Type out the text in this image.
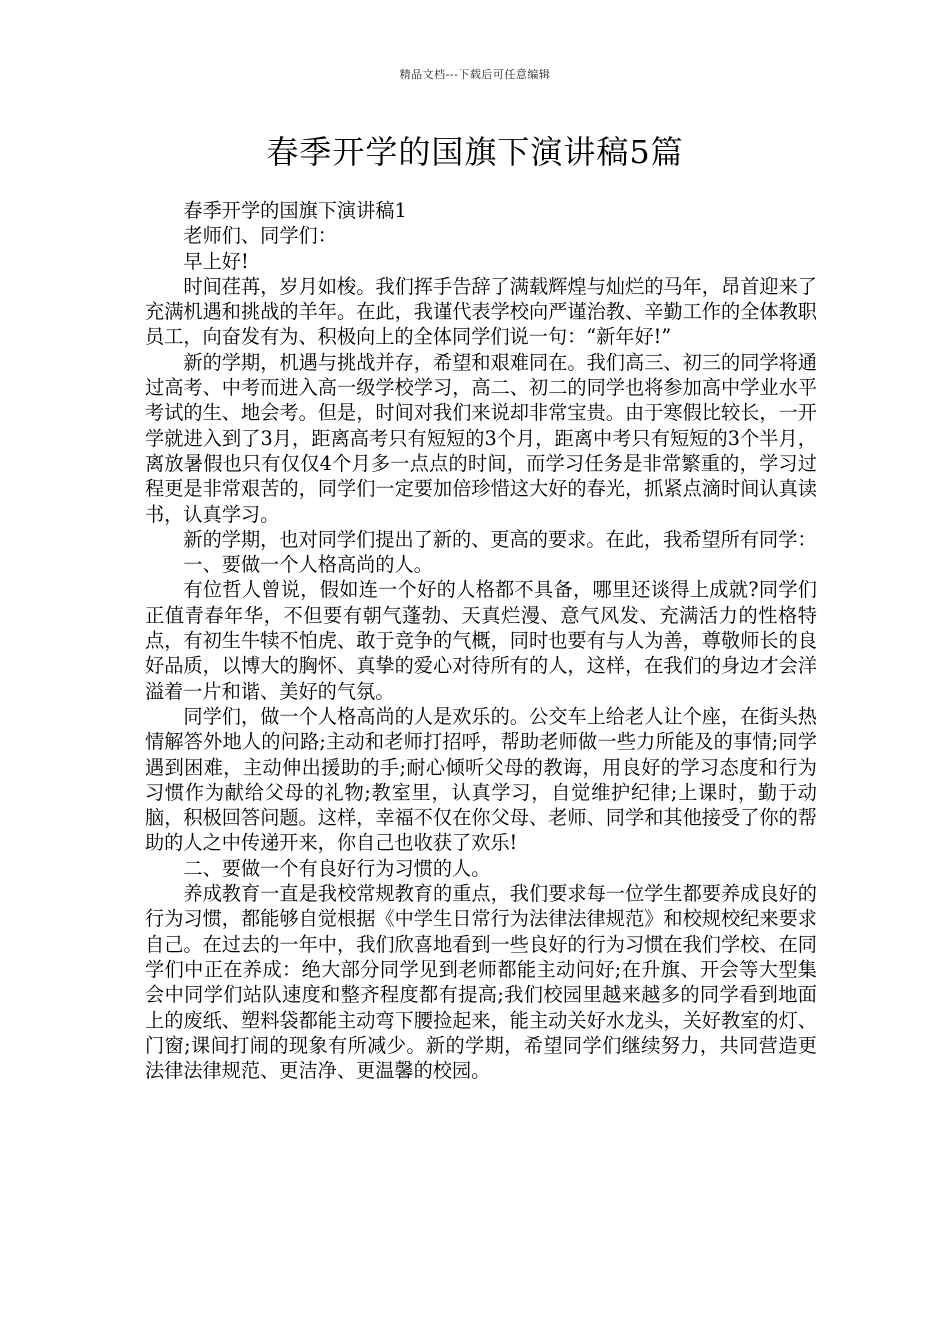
精品文档---下载后可任意编辑
春季开学的国旗下演讲稿5篇

春季开学的国旗下演讲稿1

老师们、同学们：

早上好!

时间荏苒，岁月如梭。我们挥手告辞了满载辉煌与灿烂的马年，昂首迎来了充满机遇和挑战的羊年。在此，我谨代表学校向严谨治教、辛勤工作的全体教职员工，向奋发有为、积极向上的全体同学们说一句：“新年好!”

新的学期，机遇与挑战并存，希望和艰难同在。我们高三、初三的同学将通过高考、中考而进入高一级学校学习，高二、初二的同学也将参加高中学业水平考试的生、地会考。但是，时间对我们来说却非常宝贵。由于寒假比较长，一开学就进入到了3月，距离高考只有短短的3个月，距离中考只有短短的3个半月，离放暑假也只有仅仅4个月多一点点的时间，而学习任务是非常繁重的，学习过程更是非常艰苦的，同学们一定要加倍珍惜这大好的春光，抓紧点滴时间认真读书，认真学习。

新的学期，也对同学们提出了新的、更高的要求。在此，我希望所有同学：

一、要做一个人格高尚的人。

有位哲人曾说，假如连一个好的人格都不具备，哪里还谈得上成就?同学们正值青春年华，不但要有朝气蓬勃、天真烂漫、意气风发、充满活力的性格特点，有初生牛犊不怕虎、敢于竞争的气概，同时也要有与人为善，尊敬师长的良好品质，以博大的胸怀、真挚的爱心对待所有的人，这样，在我们的身边才会洋溢着一片和谐、美好的气氛。

同学们，做一个人格高尚的人是欢乐的。公交车上给老人让个座，在街头热情解答外地人的问路;主动和老师打招呼，帮助老师做一些力所能及的事情;同学遇到困难，主动伸出援助的手;耐心倾听父母的教诲，用良好的学习态度和行为习惯作为献给父母的礼物;教室里，认真学习，自觉维护纪律;上课时，勤于动脑，积极回答问题。这样，幸福不仅在你父母、老师、同学和其他接受了你的帮助的人之中传递开来，你自己也收获了欢乐!

二、要做一个有良好行为习惯的人。

养成教育一直是我校常规教育的重点，我们要求每一位学生都要养成良好的行为习惯，都能够自觉根据《中学生日常行为法律法律规范》和校规校纪来要求自己。在过去的一年中，我们欣喜地看到一些良好的行为习惯在我们学校、在同学们中正在养成：绝大部分同学见到老师都能主动问好;在升旗、开会等大型集会中同学们站队速度和整齐程度都有提高;我们校园里越来越多的同学看到地面上的废纸、塑料袋都能主动弯下腰捡起来，能主动关好水龙头，关好教室的灯、门窗;课间打闹的现象有所减少。新的学期，希望同学们继续努力，共同营造更法律法律规范、更洁净、更温馨的校园。
